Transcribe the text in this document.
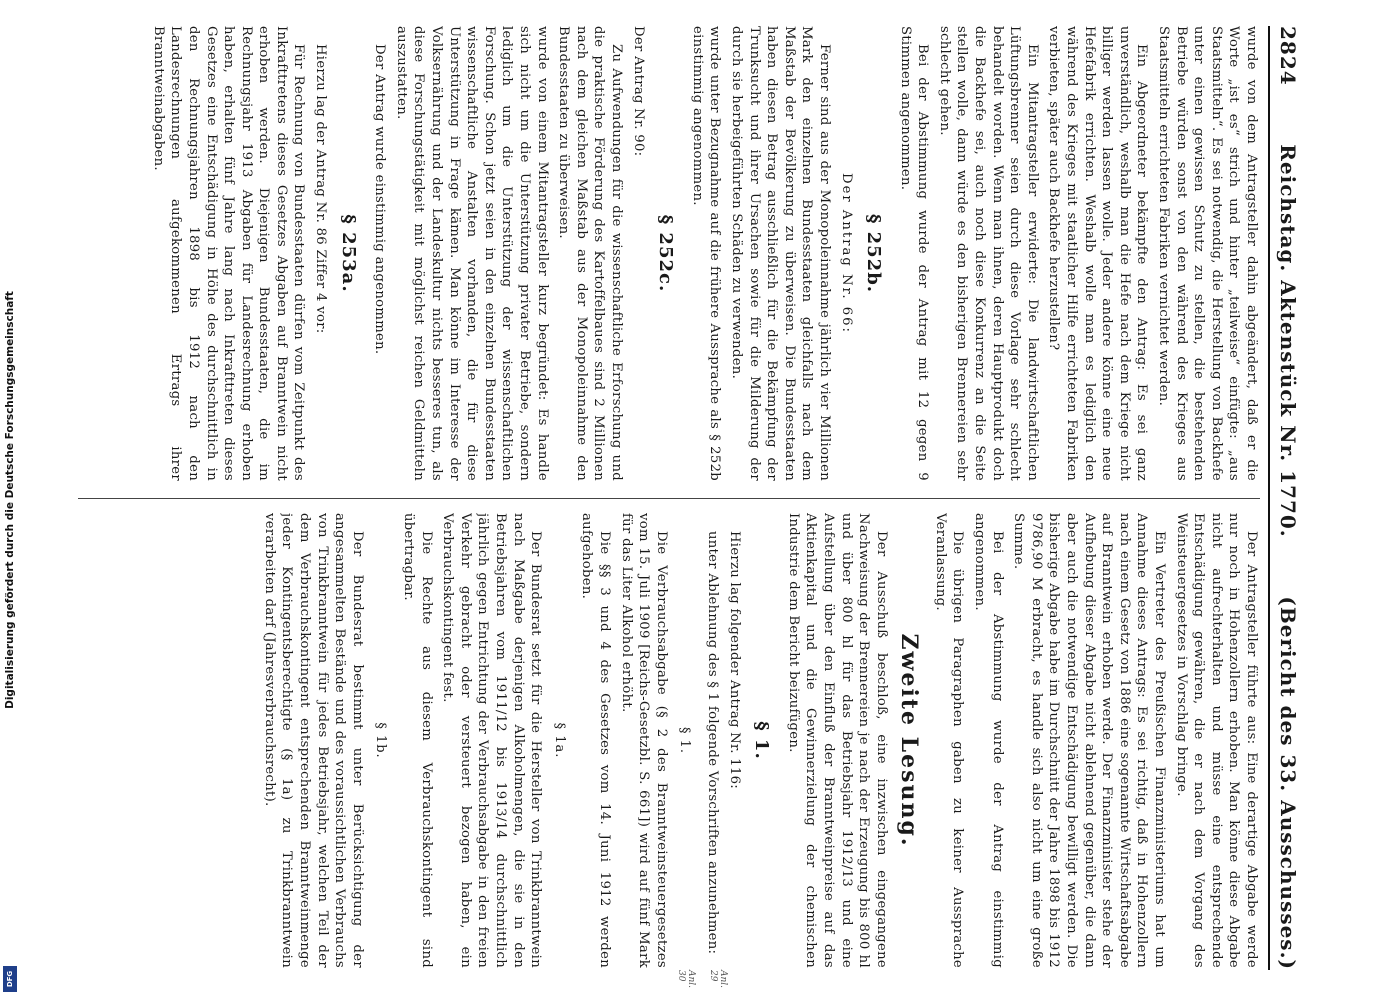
Digitalisierung gefördert durch die Deutsche Forschungsgemeinschaft
DFG
2824
Reichstag. Aktenstück Nr. 1770.
(Bericht des 33. Ausschusses.)

wurde von dem Antragsteller dahin abgeändert, daß er die Worte „ist es“ strich und hinter „teilweise“ einfügte: „aus Staatsmitteln“. Es sei notwendig, die Herstellung von Backhefe unter einen gewissen Schutz zu stellen, die bestehenden Betriebe würden sonst von den während des Krieges aus Staatsmitteln errichteten Fabriken vernichtet werden.

Ein Abgeordneter bekämpfte den Antrag: Es sei ganz unverständlich, weshalb man die Hefe nach dem Kriege nicht billiger werden lassen wolle. Jeder andere könne eine neue Hefefabrik errichten. Weshalb wolle man es lediglich den während des Krieges mit staatlicher Hilfe errichteten Fabriken verbieten, später auch Backhefe herzustellen?

Ein Mitantragsteller erwiderte: Die landwirtschaftlichen Lüftungsbrenner seien durch diese Vorlage sehr schlecht behandelt worden. Wenn man ihnen, deren Hauptprodukt doch die Backhefe sei, auch noch diese Konkurrenz an die Seite stellen wolle, dann würde es den bisherigen Brennereien sehr schlecht gehen.

Bei der Abstimmung wurde der Antrag mit 12 gegen 9 Stimmen angenommen.

§ 252b.

Der Antrag Nr. 66:

Ferner sind aus der Monopoleinnahme jährlich vier Millionen Mark den einzelnen Bundesstaaten gleichfalls nach dem Maßstab der Bevölkerung zu überweisen. Die Bundesstaaten haben diesen Betrag ausschließlich für die Bekämpfung der Trunksucht und ihrer Ursachen sowie für die Milderung der durch sie herbeigeführten Schäden zu verwenden.

wurde unter Bezugnahme auf die frühere Aussprache als § 252b einstimmig angenommen.

§ 252c.

Der Antrag Nr. 90:

Zu Aufwendungen für die wissenschaftliche Erforschung und die praktische Förderung des Kartoffelbaues sind 2 Millionen nach dem gleichen Maßstab aus der Monopoleinnahme den Bundesstaaten zu überweisen.

wurde von einem Mitantragsteller kurz begründet: Es handle sich nicht um die Unterstützung privater Betriebe, sondern lediglich um die Unterstützung der wissenschaftlichen Forschung. Schon jetzt seien in den einzelnen Bundesstaaten wissenschaftliche Anstalten vorhanden, die für diese Unterstützung in Frage kämen. Man könne im Interesse der Volksernährung und der Landeskultur nichts besseres tun, als diese Forschungstätigkeit mit möglichst reichen Geldmitteln auszustatten.

Der Antrag wurde einstimmig angenommen.

§ 253a.

Hierzu lag der Antrag Nr. 86 Ziffer 4 vor:

Für Rechnung von Bundesstaaten dürfen vom Zeitpunkt des Inkrafttretens dieses Gesetzes Abgaben auf Branntwein nicht erhoben werden. Diejenigen Bundesstaaten, die im Rechnungsjahr 1913 Abgaben für Landesrechnung erhoben haben, erhalten fünf Jahre lang nach Inkrafttreten dieses Gesetzes eine Entschädigung in Höhe des durchschnittlich in den Rechnungsjahren 1898 bis 1912 nach den Landesrechnungen aufgekommenen Ertrags ihrer Branntweinabgaben.

Der Antragsteller führte aus: Eine derartige Abgabe werde nur noch in Hohenzollern erhoben. Man könne diese Abgabe nicht aufrechterhalten und müsse eine entsprechende Entschädigung gewähren, die er nach dem Vorgang des Weinsteuergesetzes in Vorschlag bringe.

Ein Vertreter des Preußischen Finanzministeriums hat um Annahme dieses Antrags: Es sei richtig, daß in Hohenzollern nach einem Gesetz von 1886 eine sogenannte Wirtschaftsabgabe auf Branntwein erhoben werde. Der Finanzminister stehe der Aufhebung dieser Abgabe nicht ablehnend gegenüber, die dann aber auch die notwendige Entschädigung bewilligt werden. Die bisherige Abgabe habe im Durchschnitt der Jahre 1898 bis 1912 9786,90 M erbracht, es handle sich also nicht um eine große Summe.

Bei der Abstimmung wurde der Antrag einstimmig angenommen.

Die übrigen Paragraphen gaben zu keiner Aussprache Veranlassung.

Zweite Lesung.

Der Ausschuß beschloß, eine inzwischen eingegangene Nachweisung der Brennereien je nach der Erzeugung bis 800 hl und über 800 hl für das Betriebsjahr 1912/13 und eine Aufstellung über den Einfluß der Branntweinpreise auf das Aktienkapital und die Gewinnerzielung der chemischen Industrie dem Bericht beizufügen.

§ 1.

Hierzu lag folgender Antrag Nr. 116:

unter Ablehnung des § 1 folgende Vorschriften anzunehmen:

§ 1.

Die Verbrauchsabgabe (§ 2 des Branntweinsteuergesetzes vom 15. Juli 1909 [Reichs-Gesetzbl. S. 661]) wird auf fünf Mark für das Liter Alkohol erhöht.

Die §§ 3 und 4 des Gesetzes vom 14. Juni 1912 werden aufgehoben.

§ 1a.

Der Bundesrat setzt für die Hersteller von Trinkbranntwein nach Maßgabe derjenigen Alkoholmengen, die sie in den Betriebsjahren vom 1911/12 bis 1913/14 durchschnittlich jährlich gegen Entrichtung der Verbrauchsabgabe in den freien Verkehr gebracht oder versteuert bezogen haben, ein Verbrauchskontingent fest.

Die Rechte aus diesem Verbrauchskontingent sind übertragbar.

§ 1b.

Der Bundesrat bestimmt unter Berücksichtigung der angesammelten Bestände und des voraussichtlichen Verbrauchs von Trinkbranntwein für jedes Betriebsjahr, welchen Teil der dem Verbrauchskontingent entsprechenden Branntweinmenge jeder Kontingentsberechtigte (§ 1a) zu Trinkbranntwein verarbeiten darf (Jahresverbrauchsrecht).

Anl. 29
Anl. 30
